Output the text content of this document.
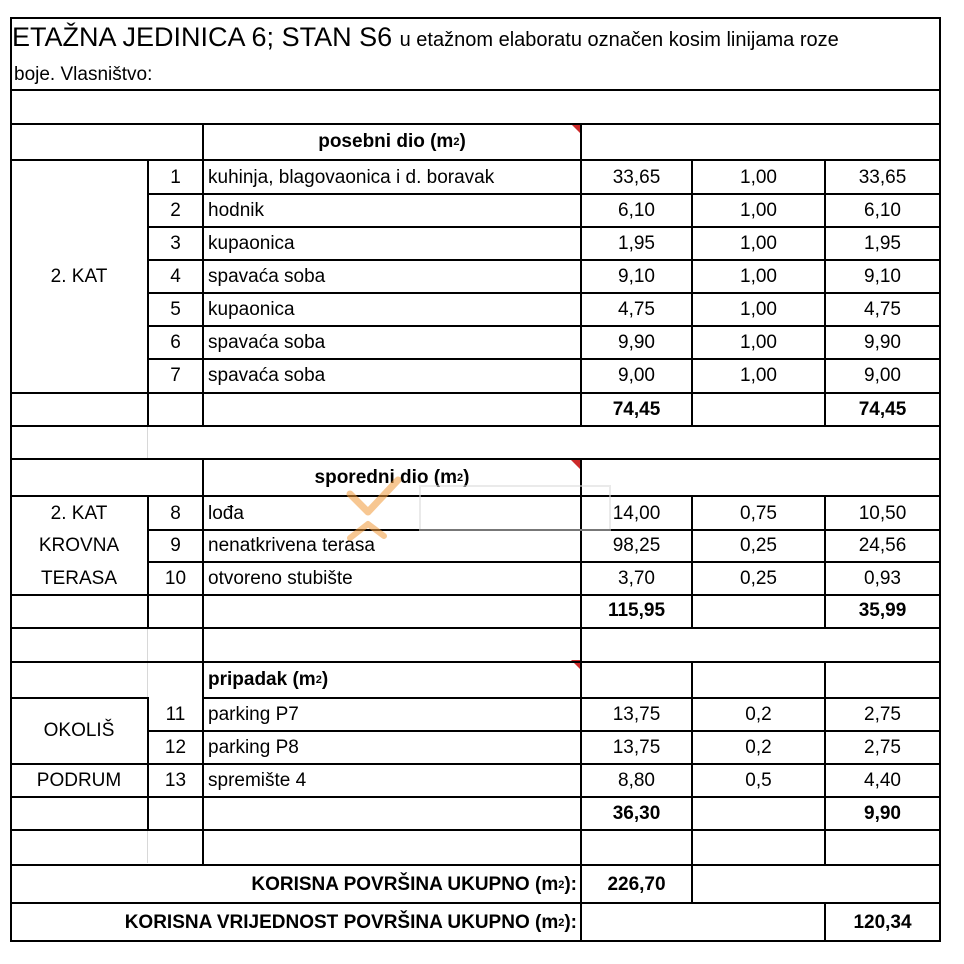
ETAŽNA JEDINICA 6; STAN S6 u etažnom elaboratu označen kosim linijama roze
boje. Vlasništvo:
posebni dio (m 2 )
sporedni dio (m 2 )
pripadak (m 2 )
2. KAT
1	kuhinja, blagovaonica i d. boravak	33,65	1,00	33,65
2	hodnik	6,10	1,00	6,10
3	kupaonica	1,95	1,00	1,95
4	spavaća soba	9,10	1,00	9,10
5	kupaonica	4,75	1,00	4,75
6	spavaća soba	9,90	1,00	9,90
7	spavaća soba	9,00	1,00	9,00
74,45	74,45
2. KAT
KROVNA
TERASA
8	lođa	14,00	0,75	10,50
9	nenatkrivena terasa	98,25	0,25	24,56
10	otvoreno stubište	3,70	0,25	0,93
115,95	35,99
OKOLIŠ
PODRUM
11	parking P7	13,75	0,2	2,75
12	parking P8	13,75	0,2	2,75
13	spremište 4	8,80	0,5	4,40
36,30	9,90
KORISNA POVRŠINA UKUPNO (m 2 ):	226,70
KORISNA VRIJEDNOST POVRŠINA UKUPNO (m 2 ):	120,34
